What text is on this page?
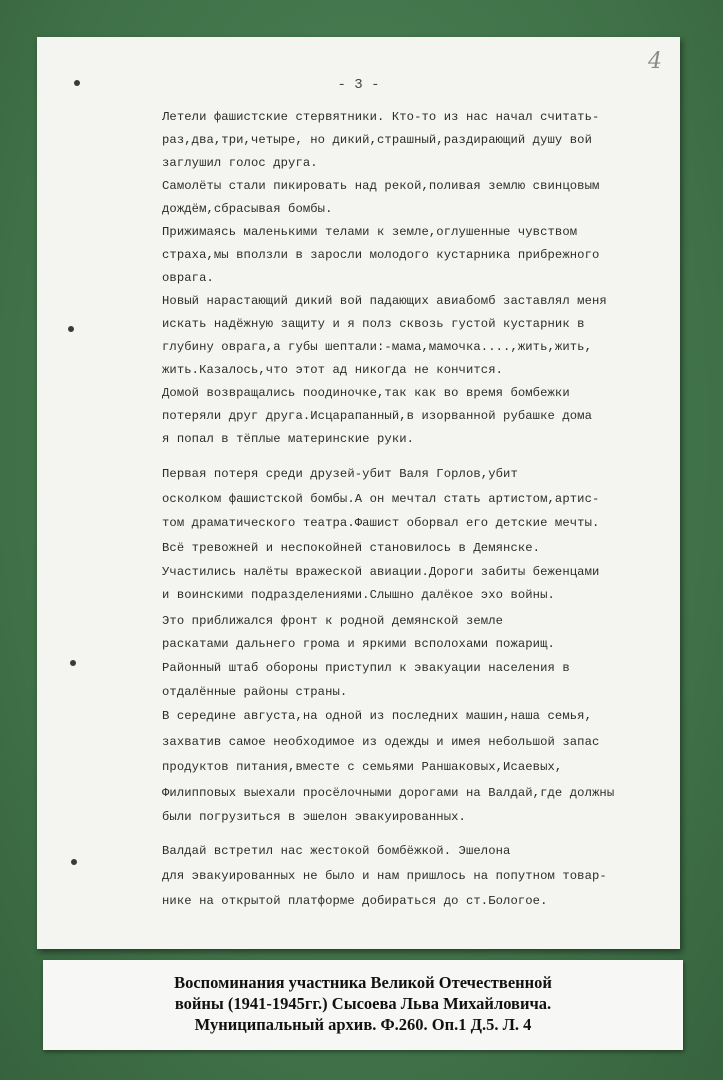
4
- 3 -
Летели фашистские стервятники. Кто-то из нас начал считать-
раз,два,три,четыре, но дикий,страшный,раздирающий душу вой
заглушил голос друга.
Самолёты стали пикировать над рекой,поливая землю свинцовым
дождём,сбрасывая бомбы.
Прижимаясь маленькими телами к земле,оглушенные чувством
страха,мы вползли в заросли молодого кустарника прибрежного
оврага.
Новый нарастающий дикий вой падающих авиабомб заставлял меня
искать надёжную защиту и я полз сквозь густой кустарник в
глубину оврага,а губы шептали:-мама,мамочка....,жить,жить,
жить.Казалось,что этот ад никогда не кончится.
Домой возвращались поодиночке,так как во время бомбежки
потеряли друг друга.Исцарапанный,в изорванной рубашке дома
я попал в тёплые материнские руки.
Первая потеря среди друзей-убит Валя Горлов,убит
осколком фашистской бомбы.А он мечтал стать артистом,артис-
том драматического театра.Фашист оборвал его детские мечты.
Всё тревожней и неспокойней становилось в Демянске.
Участились налёты вражеской авиации.Дороги забиты беженцами
и воинскими подразделениями.Слышно далёкое эхо войны.
Это приближался фронт к родной демянской земле
раскатами дальнего грома и яркими всполохами пожарищ.
Районный штаб обороны приступил к эвакуации населения в
отдалённые районы страны.
В середине августа,на одной из последних машин,наша семья,
захватив самое необходимое из одежды и имея небольшой запас
продуктов питания,вместе с семьями Раншаковых,Исаевых,
Филипповых выехали просёлочными дорогами на Валдай,где должны
были погрузиться в эшелон эвакуированных.
Валдай встретил нас жестокой бомбёжкой. Эшелона
для эвакуированных не было и нам пришлось на попутном товар-
нике на открытой платформе добираться до ст.Бологое.
Воспоминания участника Великой Отечественной
войны (1941-1945гг.) Сысоева Льва Михайловича.
Муниципальный архив. Ф.260. Оп.1 Д.5. Л. 4
